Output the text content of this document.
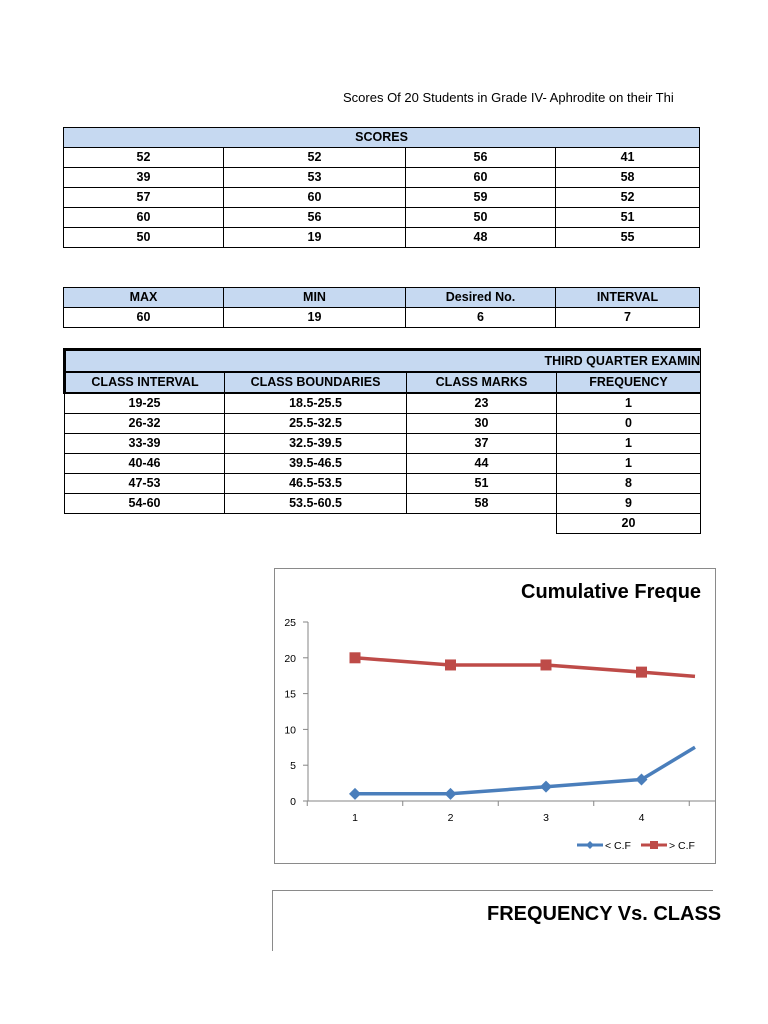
Scores Of 20 Students in Grade IV- Aphrodite on their Thi
SCORES			
52	52	56	41
39	53	60	58
57	60	59	52
60	56	50	51
50	19	48	55
MAX	MIN	Desired No.	INTERVAL
60	19	6	7
THIRD QUARTER EXAMIN			
CLASS INTERVAL	CLASS BOUNDARIES	CLASS MARKS	FREQUENCY
19-25	18.5-25.5	23	1
26-32	25.5-32.5	30	0
33-39	32.5-39.5	37	1
40-46	39.5-46.5	44	1
47-53	46.5-53.5	51	8
54-60	53.5-60.5	58	9
			20
Cumulative Freque
0
5
10
15
20
25
1	2	3	4
< C.F	> C.F
FREQUENCY Vs. CLASS
